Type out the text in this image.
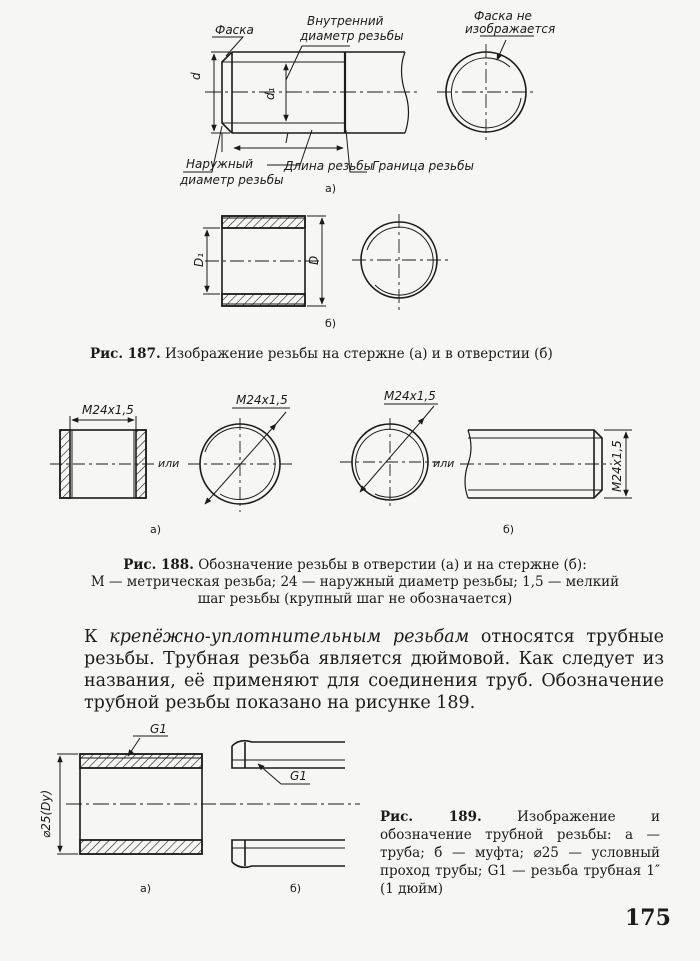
Фаска
Внутренний
диаметр резьбы
d
d₁
l
Наружный
диаметр резьбы
Длина резьбы
Граница резьбы
а)
Фаска не
изображается
D₁	D
б)
Рис. 187. Изображение резьбы на стержне (а) и в отверстии (б)
M24x1,5
или
M24x1,5
а)
M24x1,5
или	M24x1,5
б)
Рис. 188. Обозначение резьбы в отверстии (а) и на стержне (б):
M — метрическая резьба; 24 — наружный диаметр резьбы; 1,5 — мелкий
шаг резьбы (крупный шаг не обозначается)
К крепёжно-уплотнительным резьбам относятся трубные резьбы. Трубная резьба является дюймовой. Как следует из названия, её применяют для соединения труб. Обозначение трубной резьбы показано на рисунке 189.
⌀25(Dy)
G1
а)
G1
б)
Рис. 189.	Изображение и обозначение трубной резьбы: а — труба; б — муфта; ⌀25 — условный проход трубы; G1 — резьба трубная 1″ (1 дюйм)
175
